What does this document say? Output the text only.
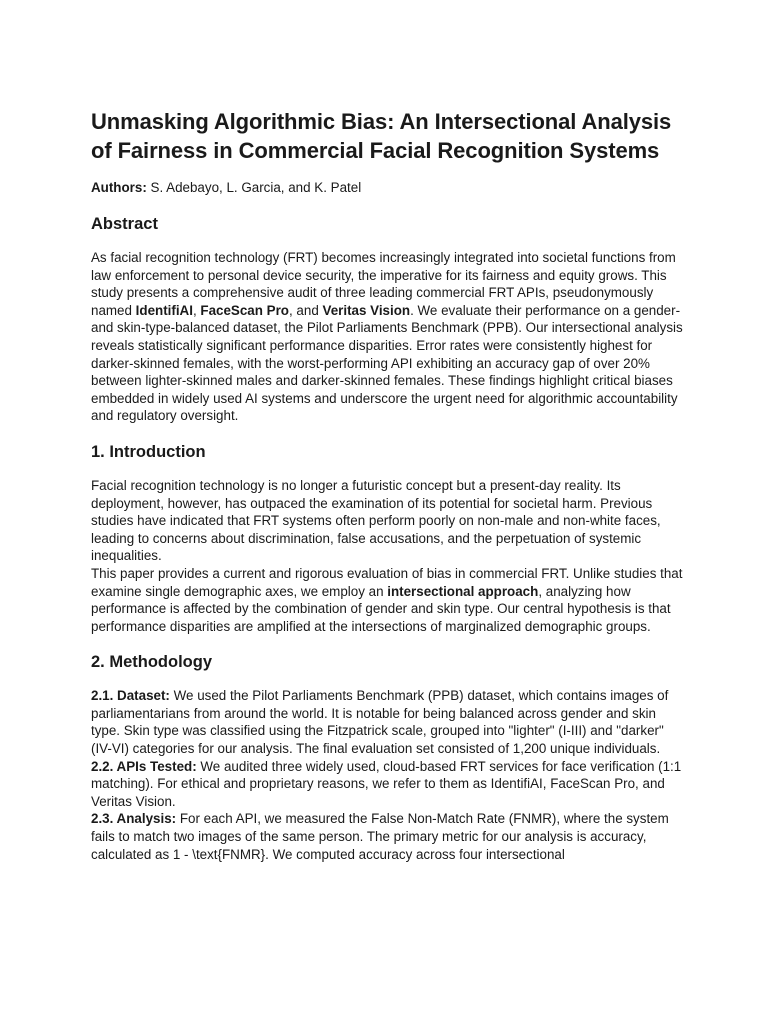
Unmasking Algorithmic Bias: An Intersectional Analysis of Fairness in Commercial Facial Recognition Systems
Authors: S. Adebayo, L. Garcia, and K. Patel
Abstract

As facial recognition technology (FRT) becomes increasingly integrated into societal functions from law enforcement to personal device security, the imperative for its fairness and equity grows. This study presents a comprehensive audit of three leading commercial FRT APIs, pseudonymously named IdentifiAI, FaceScan Pro, and Veritas Vision. We evaluate their performance on a gender- and skin-type-balanced dataset, the Pilot Parliaments Benchmark (PPB). Our intersectional analysis reveals statistically significant performance disparities. Error rates were consistently highest for darker-skinned females, with the worst-performing API exhibiting an accuracy gap of over 20% between lighter-skinned males and darker-skinned females. These findings highlight critical biases embedded in widely used AI systems and underscore the urgent need for algorithmic accountability and regulatory oversight.

1. Introduction

Facial recognition technology is no longer a futuristic concept but a present-day reality. Its deployment, however, has outpaced the examination of its potential for societal harm. Previous studies have indicated that FRT systems often perform poorly on non-male and non-white faces, leading to concerns about discrimination, false accusations, and the perpetuation of systemic inequalities.

This paper provides a current and rigorous evaluation of bias in commercial FRT. Unlike studies that examine single demographic axes, we employ an intersectional approach, analyzing how performance is affected by the combination of gender and skin type. Our central hypothesis is that performance disparities are amplified at the intersections of marginalized demographic groups.

2. Methodology

2.1. Dataset: We used the Pilot Parliaments Benchmark (PPB) dataset, which contains images of parliamentarians from around the world. It is notable for being balanced across gender and skin type. Skin type was classified using the Fitzpatrick scale, grouped into "lighter" (I-III) and "darker" (IV-VI) categories for our analysis. The final evaluation set consisted of 1,200 unique individuals.

2.2. APIs Tested: We audited three widely used, cloud-based FRT services for face verification (1:1 matching). For ethical and proprietary reasons, we refer to them as IdentifiAI, FaceScan Pro, and Veritas Vision.

2.3. Analysis: For each API, we measured the False Non-Match Rate (FNMR), where the system fails to match two images of the same person. The primary metric for our analysis is accuracy, calculated as 1 - \text{FNMR}. We computed accuracy across four intersectional
